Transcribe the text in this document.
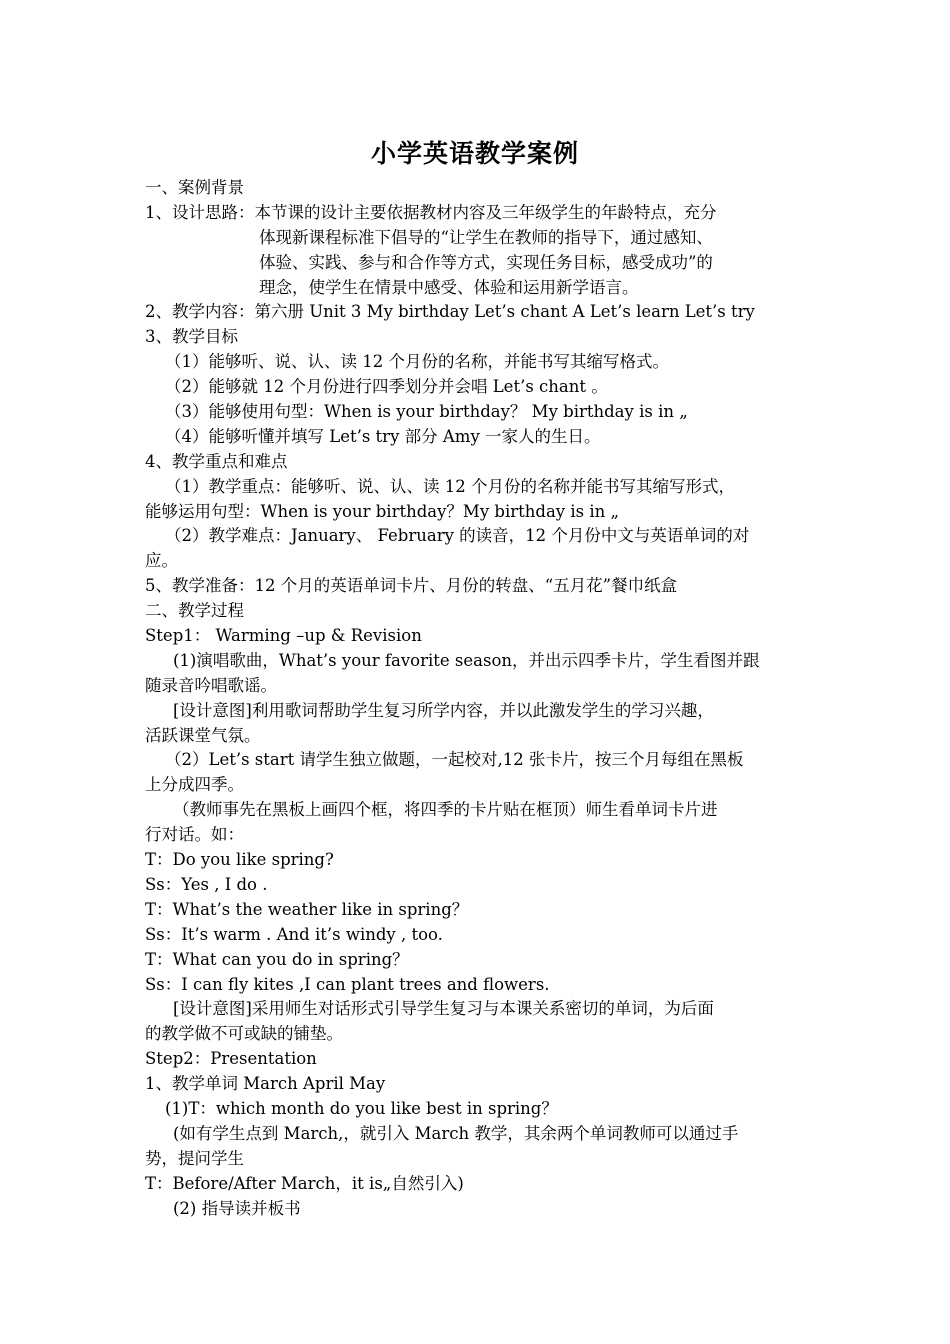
小学英语教学案例
一、案例背景
1、设计思路：本节课的设计主要依据教材内容及三年级学生的年龄特点，充分
体现新课程标准下倡导的“让学生在教师的指导下，通过感知、
体验、实践、参与和合作等方式，实现任务目标，感受成功”的
理念，使学生在情景中感受、体验和运用新学语言。
2、教学内容：第六册 Unit 3 My birthday Let’s chant A Let’s learn Let’s try
3、教学目标
（1）能够听、说、认、读 12 个月份的名称，并能书写其缩写格式。
（2）能够就 12 个月份进行四季划分并会唱 Let’s chant 。
（3）能够使用句型：When is your birthday？ My birthday is in „
（4）能够听懂并填写 Let’s try 部分 Amy 一家人的生日。
4、教学重点和难点
（1）教学重点：能够听、说、认、读 12 个月份的名称并能书写其缩写形式，
能够运用句型：When is your birthday？My birthday is in „
（2）教学难点：January、 February 的读音，12 个月份中文与英语单词的对
应。
5、教学准备：12 个月的英语单词卡片、月份的转盘、“五月花”餐巾纸盒
二、教学过程
Step1： Warming –up & Revision
(1)演唱歌曲，What’s your favorite season，并出示四季卡片，学生看图并跟
随录音吟唱歌谣。
[设计意图]利用歌词帮助学生复习所学内容，并以此激发学生的学习兴趣，
活跃课堂气氛。
（2）Let’s start 请学生独立做题，一起校对,12 张卡片，按三个月每组在黑板
上分成四季。
（教师事先在黑板上画四个框，将四季的卡片贴在框顶）师生看单词卡片进
行对话。如：
T：Do you like spring?
Ss：Yes , I do .
T：What’s the weather like in spring？
Ss：It’s warm . And it’s windy , too.
T：What can you do in spring？
Ss：I can fly kites ,I can plant trees and flowers.
[设计意图]采用师生对话形式引导学生复习与本课关系密切的单词，为后面
的教学做不可或缺的铺垫。
Step2：Presentation
1、教学单词 March April May
(1)T：which month do you like best in spring？
(如有学生点到 March,，就引入 March 教学，其余两个单词教师可以通过手
势，提问学生
T：Before/After March，it is„自然引入)
(2) 指导读并板书
